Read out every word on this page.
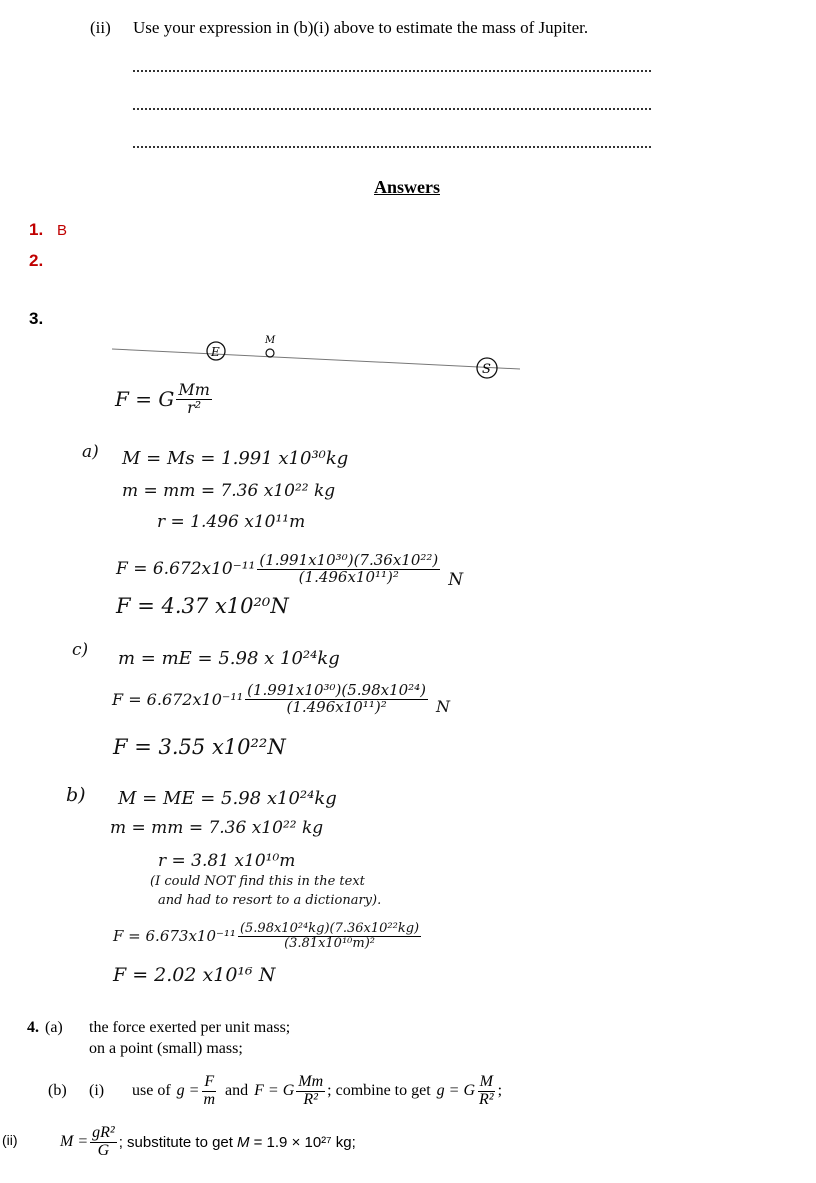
(ii) Use your expression in (b)(i) above to estimate the mass of Jupiter.
Answers
1. B
2.
3.
E
M
S
F = G $\frac{Mm}{\text{r²}}$
a) M = Ms = 1.991 x10³⁰kg
m = mm = 7.36 x10²² kg
r = 1.496 x10¹¹m
$F = 6.672x10^{-11} \frac{\text{(1.991x10³⁰)(7.36x10²²)}}{\text{(1.496x10¹¹)²}}$ N
F = 4.37 x10²⁰N
c) m = mE = 5.98 x 10²⁴kg
$F = 6.672x10^{-11} \frac{\text{(1.991x10³⁰)(5.98x10²⁴)}}{\text{(1.496x10¹¹)²}}$ N
F = 3.55 x10²²N
b) M = ME = 5.98 x10²⁴kg
m = mm = 7.36 x10²² kg
r = 3.81 x10¹⁰m
(I could NOT find this in the text
and had to resort to a dictionary).
$F = 6.673x10^{-11} \frac{\text{(5.98x10²⁴kg)(7.36x10²²kg)}}{\text{(3.81x10¹⁰m)²}}$
F = 2.02 x10¹⁶ N
4. (a) the force exerted per unit mass;
on a point (small) mass;
(b) (i) use of $g = \frac{F}{m}$ and F = G $\frac{Mm}{\text{R²}}$ ; combine to get g = G $\frac{M}{\text{R²}}$ ;
(ii)	$M = \frac{\text{gR²}}{G}$ ; substitute to get M = 1.9 × 10²⁷ kg;
